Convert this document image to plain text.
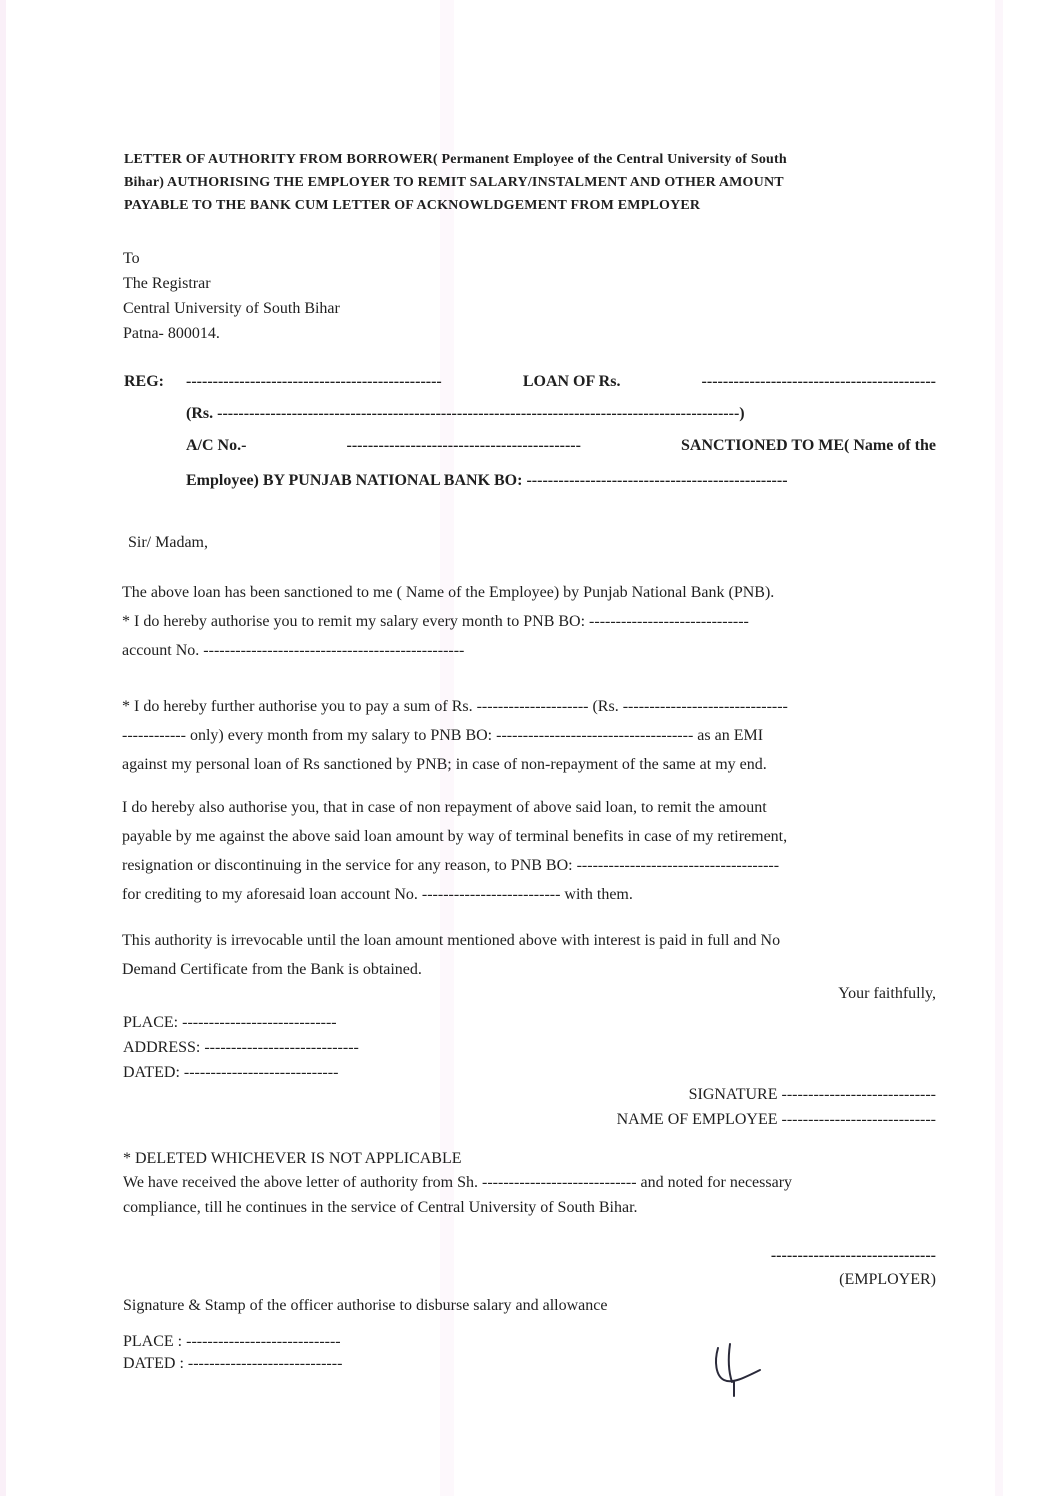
LETTER OF AUTHORITY FROM BORROWER( Permanent Employee of the Central University of South
Bihar) AUTHORISING THE EMPLOYER TO REMIT SALARY/INSTALMENT AND OTHER AMOUNT
PAYABLE TO THE BANK CUM LETTER OF ACKNOWLDGEMENT FROM EMPLOYER
To
The Registrar
Central University of South Bihar
Patna- 800014.
REG: ------------------------------------------------	LOAN OF Rs.	--------------------------------------------
(Rs. --------------------------------------------------------------------------------------------------)
A/C No.-	--------------------------------------------	SANCTIONED TO ME( Name of the
Employee) BY PUNJAB NATIONAL BANK BO: -------------------------------------------------
Sir/ Madam,
The above loan has been sanctioned to me ( Name of the Employee) by Punjab National Bank (PNB).
* I do hereby authorise you to remit my salary every month to PNB BO: ------------------------------
account No. -------------------------------------------------
* I do hereby further authorise you to pay a sum of Rs. --------------------- (Rs. -------------------------------
------------ only) every month from my salary to PNB BO: ------------------------------------- as an EMI
against my personal loan of Rs sanctioned by PNB; in case of non-repayment of the same at my end.
I do hereby also authorise you, that in case of non repayment of above said loan, to remit the amount
payable by me against the above said loan amount by way of terminal benefits in case of my retirement,
resignation or discontinuing in the service for any reason, to PNB BO: --------------------------------------
for crediting to my aforesaid loan account No. -------------------------- with them.
This authority is irrevocable until the loan amount mentioned above with interest is paid in full and No
Demand Certificate from the Bank is obtained.
Your faithfully,
PLACE: -----------------------------
ADDRESS: -----------------------------
DATED: -----------------------------
SIGNATURE -----------------------------
NAME OF EMPLOYEE -----------------------------
* DELETED WHICHEVER IS NOT APPLICABLE
We have received the above letter of authority from Sh. ----------------------------- and noted for necessary
compliance, till he continues in the service of Central University of South Bihar.
-------------------------------
(EMPLOYER)
Signature & Stamp of the officer authorise to disburse salary and allowance
PLACE : -----------------------------
DATED : -----------------------------
